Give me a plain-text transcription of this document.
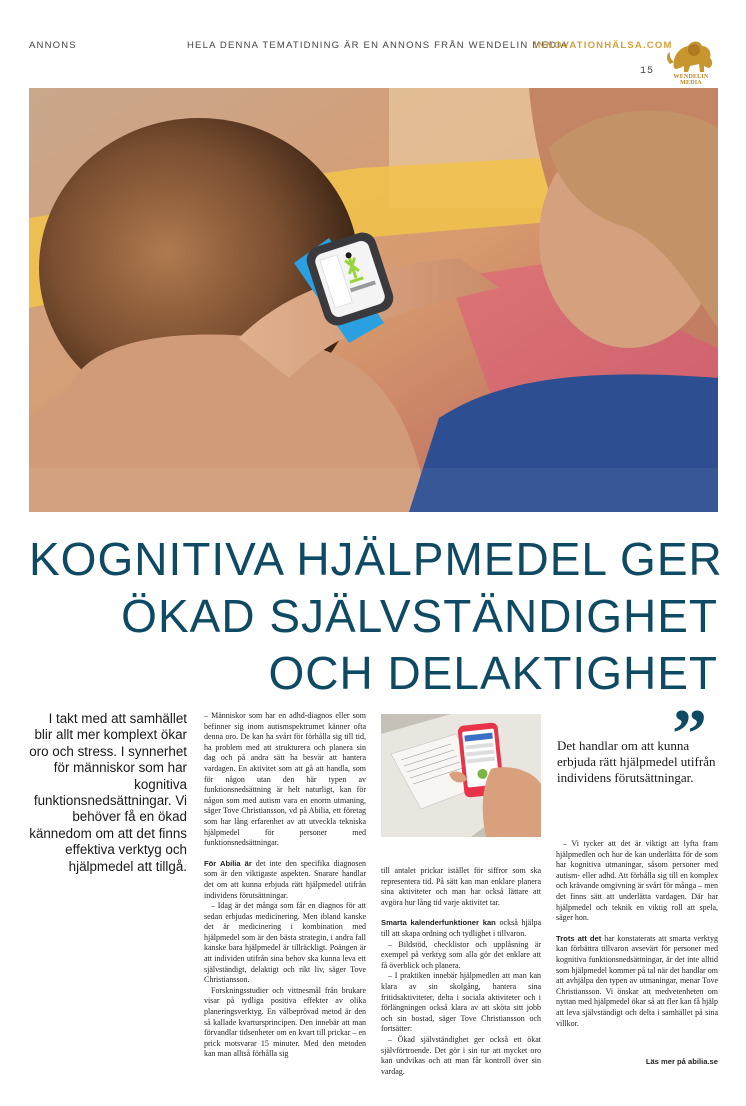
ANNONS	HELA DENNA TEMATIDNING ÄR EN ANNONS FRÅN WENDELIN MEDIA
INNOVATIONHÄLSA.COM
15	WENDELIN MEDIA
KOGNITIVA HJÄLPMEDEL GER
ÖKAD SJÄLVSTÄNDIGHET
OCH DELAKTIGHET
I takt med att samhället blir allt mer komplext ökar oro och stress. I synnerhet för människor som har kognitiva funktionsnedsättningar. Vi behöver få en ökad kännedom om att det finns effektiva verktyg och hjälpmedel att tillgå.

– Människor som har en adhd-diagnos eller som befinner sig inom autismspektrumet känner ofta denna oro. De kan ha svårt för förhålla sig till tid, ha problem med att strukturera och planera sin dag och på andra sätt ha besvär att hantera vardagen. En aktivitet som att gå att handla, som för någon utan den här typen av funktionsnedsättning är helt naturligt, kan för någon som med autism vara en enorm utmaning, säger Tove Christiansson, vd på Abilia, ett företag som har lång erfarenhet av att utveckla tekniska hjälpmedel för personer med funktionsnedsättningar.

För Abilia är det inte den specifika diagnosen som är den viktigaste aspekten. Snarare handlar det om att kunna erbjuda rätt hjälpmedel utifrån individens förutsättningar.

– Idag är det många som får en diagnos för att sedan erbjudas medicinering. Men ibland kanske det är medicinering i kombination med hjälpmedel som är den bästa strategin, i andra fall kanske bara hjälpmedel är tillräckligt. Poängen är att individen utifrån sina behov ska kunna leva ett självständigt, delaktigt och rikt liv, säger Tove Christiansson.

Forskningsstudier och vittnesmål från brukare visar på tydliga positiva effekter av olika planeringsverktyg. En välbeprövad metod är den så kallade kvartursprincipen. Den innebär att man förvandlar tidsenheter om en kvart till prickar – en prick motsvarar 15 minuter. Med den metoden kan man alltså förhålla sig

till antalet prickar istället för siffror som ska representera tid. På sätt kan man enklare planera sina aktiviteter och man har också lättare att avgöra hur lång tid varje aktivitet tar.

Smarta kalenderfunktioner kan också hjälpa till att skapa ordning och tydlighet i tillvaron.

– Bildstöd, checklistor och upplåsning är exempel på verktyg som alla gör det enklare att få överblick och planera.

– I praktiken innebär hjälpmedlen att man kan klara av sin skolgång, hantera sina fritidsaktiviteter, delta i sociala aktiviteter och i förlängningen också klara av att sköta sitt jobb och sin bostad, säger Tove Christiansson och fortsätter:

– Ökad självständighet ger också ett ökat självförtroende. Det gör i sin tur att mycket oro kan undvikas och att man får kontroll över sin vardag.

”
Det handlar om att kunna erbjuda rätt hjälpmedel utifrån individens förutsättningar.

– Vi tycker att det är viktigt att lyfta fram hjälpmedlen och hur de kan underlätta för de som har kognitiva utmaningar, såsom personer med autism- eller adhd. Att förhålla sig till en komplex och krävande omgivning är svårt för många – men det finns sätt att underlätta vardagen. Där har hjälpmedel och teknik en viktig roll att spela, säger hon.

Trots att det har konstaterats att smarta verktyg kan förbättra tillvaron avsevärt för personer med kognitiva funktionsnedsättningar, är det inte alltid som hjälpmedel kommer på tal när det handlar om att avhjälpa den typen av utmaningar, menar Tove Christiansson. Vi önskar att medvetenheten om nyttan med hjälpmedel ökar så att fler kan få hjälp att leva självständigt och delta i samhället på sina villkor.

Läs mer på abilia.se
